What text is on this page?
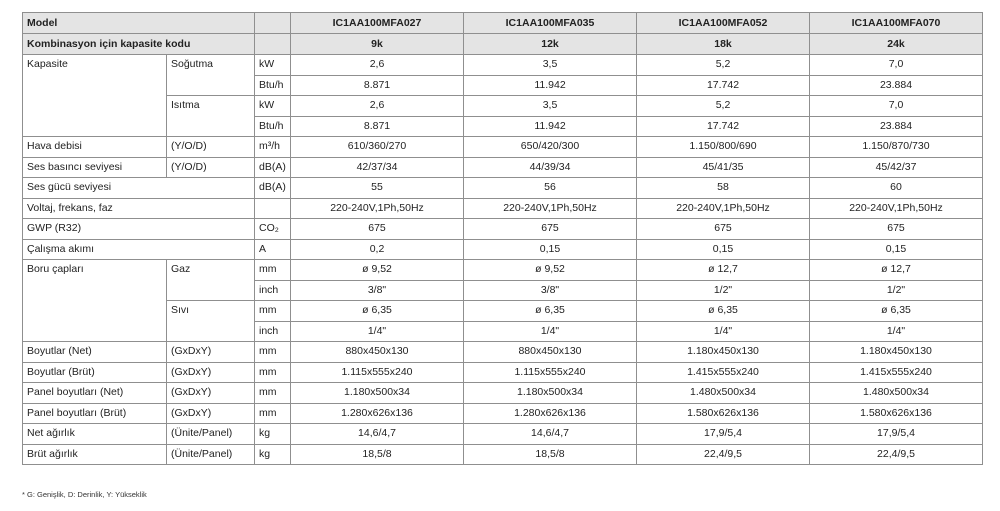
Model			IC1AA100MFA027	IC1AA100MFA035	IC1AA100MFA052	IC1AA100MFA070
Kombinasyon için kapasite kodu			9k	12k	18k	24k
Kapasite	Soğutma	kW	2,6	3,5	5,2	7,0
		Btu/h	8.871	11.942	17.742	23.884
	Isıtma	kW	2,6	3,5	5,2	7,0
		Btu/h	8.871	11.942	17.742	23.884
Hava debisi	(Y/O/D)	m³/h	610/360/270	650/420/300	1.150/800/690	1.150/870/730
Ses basıncı seviyesi	(Y/O/D)	dB(A)	42/37/34	44/39/34	45/41/35	45/42/37
Ses gücü seviyesi		dB(A)	55	56	58	60
Voltaj, frekans, faz			220-240V,1Ph,50Hz	220-240V,1Ph,50Hz	220-240V,1Ph,50Hz	220-240V,1Ph,50Hz
GWP (R32)		CO₂	675	675	675	675
Çalışma akımı		A	0,2	0,15	0,15	0,15
Boru çapları	Gaz	mm	ø 9,52	ø 9,52	ø 12,7	ø 12,7
		inch	3/8"	3/8"	1/2"	1/2"
	Sıvı	mm	ø 6,35	ø 6,35	ø 6,35	ø 6,35
		inch	1/4"	1/4"	1/4"	1/4"
Boyutlar (Net)	(GxDxY)	mm	880x450x130	880x450x130	1.180x450x130	1.180x450x130
Boyutlar (Brüt)	(GxDxY)	mm	1.115x555x240	1.115x555x240	1.415x555x240	1.415x555x240
Panel boyutları (Net)	(GxDxY)	mm	1.180x500x34	1.180x500x34	1.480x500x34	1.480x500x34
Panel boyutları (Brüt)	(GxDxY)	mm	1.280x626x136	1.280x626x136	1.580x626x136	1.580x626x136
Net ağırlık	(Ünite/Panel)	kg	14,6/4,7	14,6/4,7	17,9/5,4	17,9/5,4
Brüt ağırlık	(Ünite/Panel)	kg	18,5/8	18,5/8	22,4/9,5	22,4/9,5
* G: Genişlik, D: Derinlik, Y: Yükseklik
